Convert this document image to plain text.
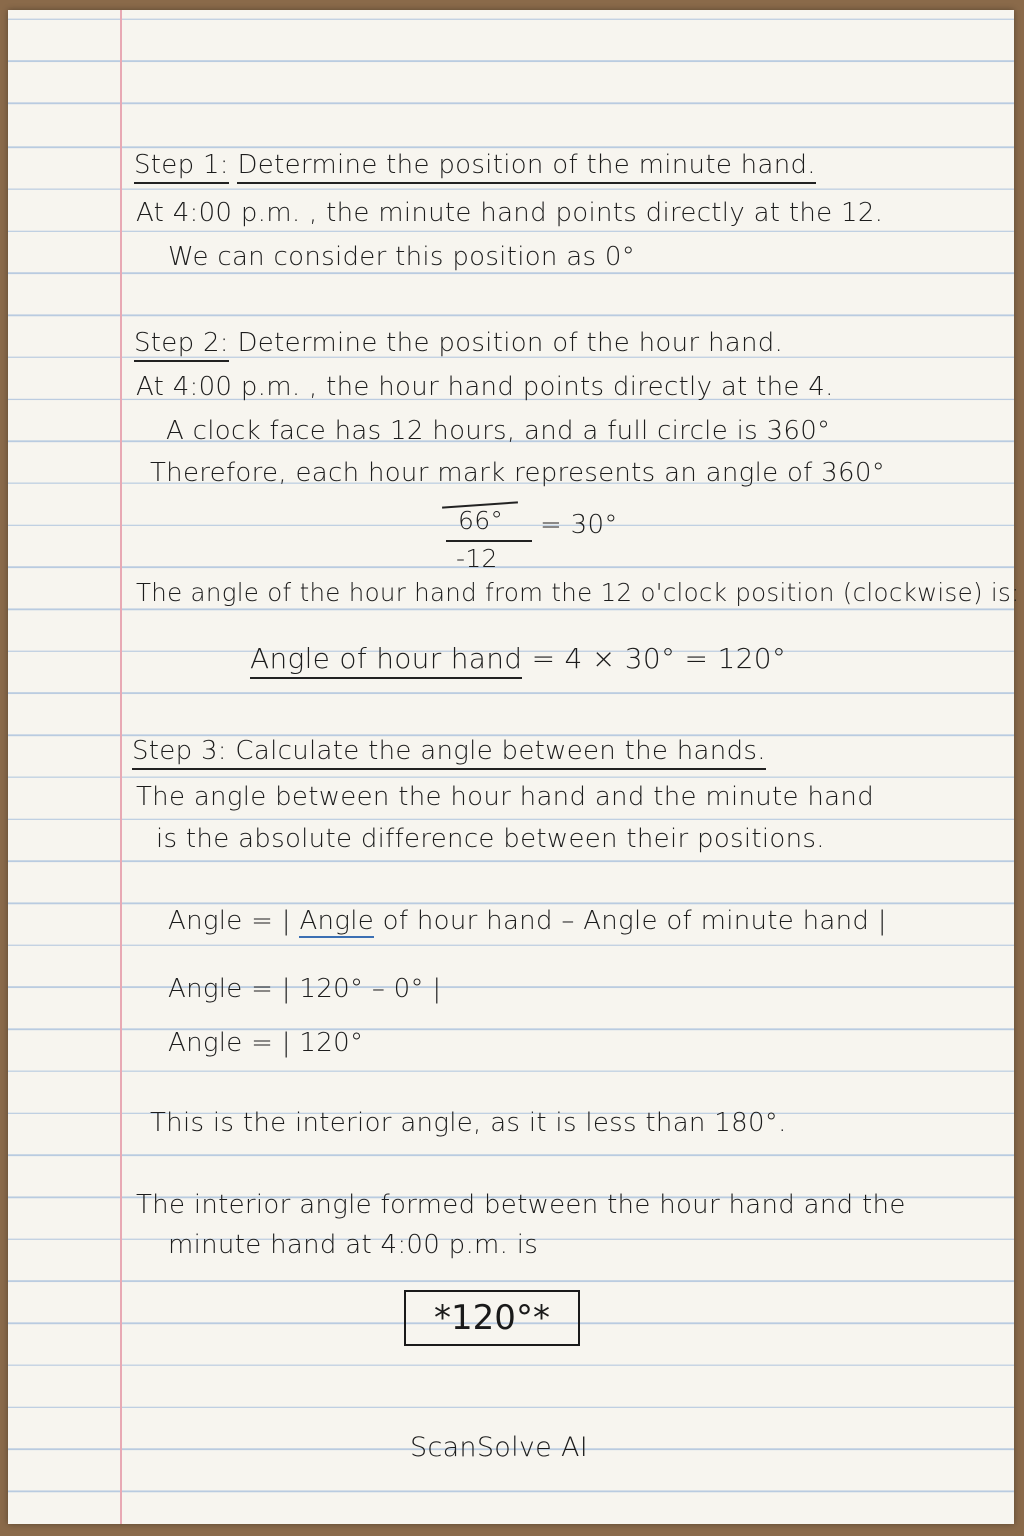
Step 1: Determine the position of the minute hand.
At 4:00 p.m. , the minute hand points directly at the 12.
We can consider this position as 0°
Step 2: Determine the position of the hour hand.
At 4:00 p.m. , the hour hand points directly at the 4.
A clock face has 12 hours, and a full circle is 360°
Therefore, each hour mark represents an angle of 360°
66°
-12
= 30°
The angle of the hour hand from the 12 o'clock position (clockwise) is:
Angle of hour hand = 4 × 30° = 120°
Step 3: Calculate the angle between the hands.
The angle between the hour hand and the minute hand
is the absolute difference between their positions.
Angle = | Angle of hour hand – Angle of minute hand |
Angle = | 120° – 0° |
Angle = | 120°
This is the interior angle, as it is less than 180°.
The interior angle formed between the hour hand and the
minute hand at 4:00 p.m. is
*120°*
ScanSolve AI
